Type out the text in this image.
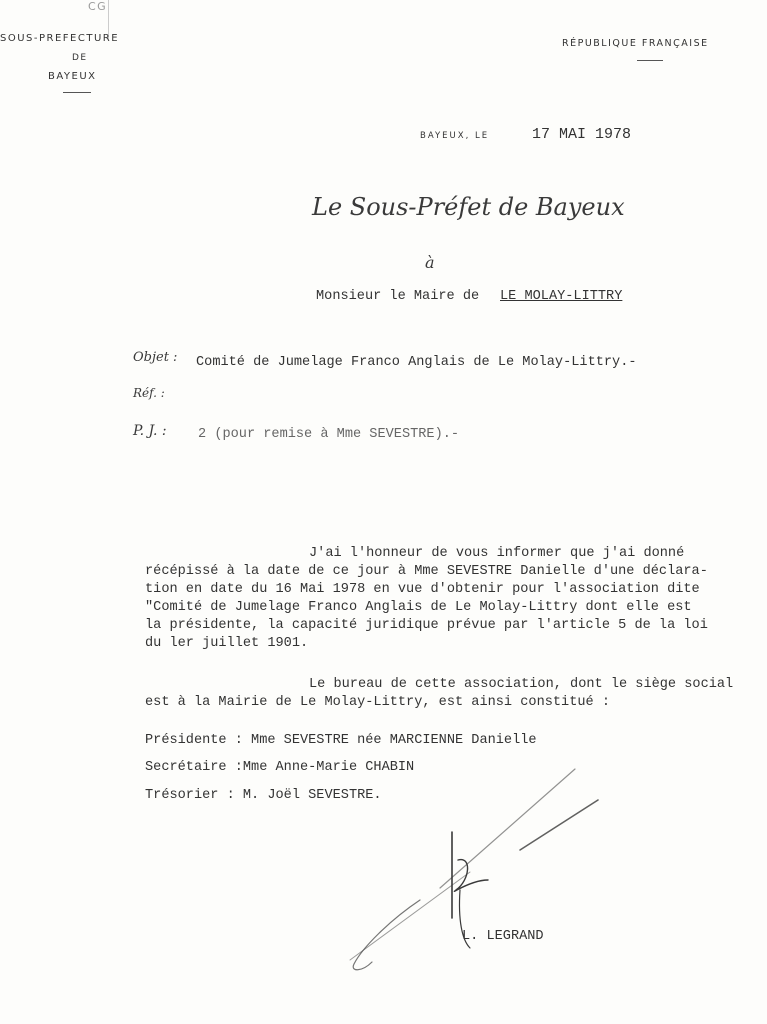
CG
SOUS-PREFECTURE
DE
BAYEUX
RÉPUBLIQUE FRANÇAISE
BAYEUX, LE	17 MAI 1978
Le Sous-Préfet de Bayeux
à
Monsieur le Maire de LE MOLAY-LITTRY
Objet : Comité de Jumelage Franco Anglais de Le Molay-Littry.-
Réf. :
P. J. : 2 (pour remise à Mme SEVESTRE).-
J'ai l'honneur de vous informer que j'ai donné
récépissé à la date de ce jour à Mme SEVESTRE Danielle d'une déclara-
tion en date du 16 Mai 1978 en vue d'obtenir pour l'association dite
"Comité de Jumelage Franco Anglais de Le Molay-Littry dont elle est
la présidente, la capacité juridique prévue par l'article 5 de la loi
du ler juillet 1901.
Le bureau de cette association, dont le siège social
est à la Mairie de Le Molay-Littry, est ainsi constitué :
Présidente : Mme SEVESTRE née MARCIENNE Danielle
Secrétaire :Mme Anne-Marie CHABIN
Trésorier : M. Joël SEVESTRE.
L. LEGRAND
